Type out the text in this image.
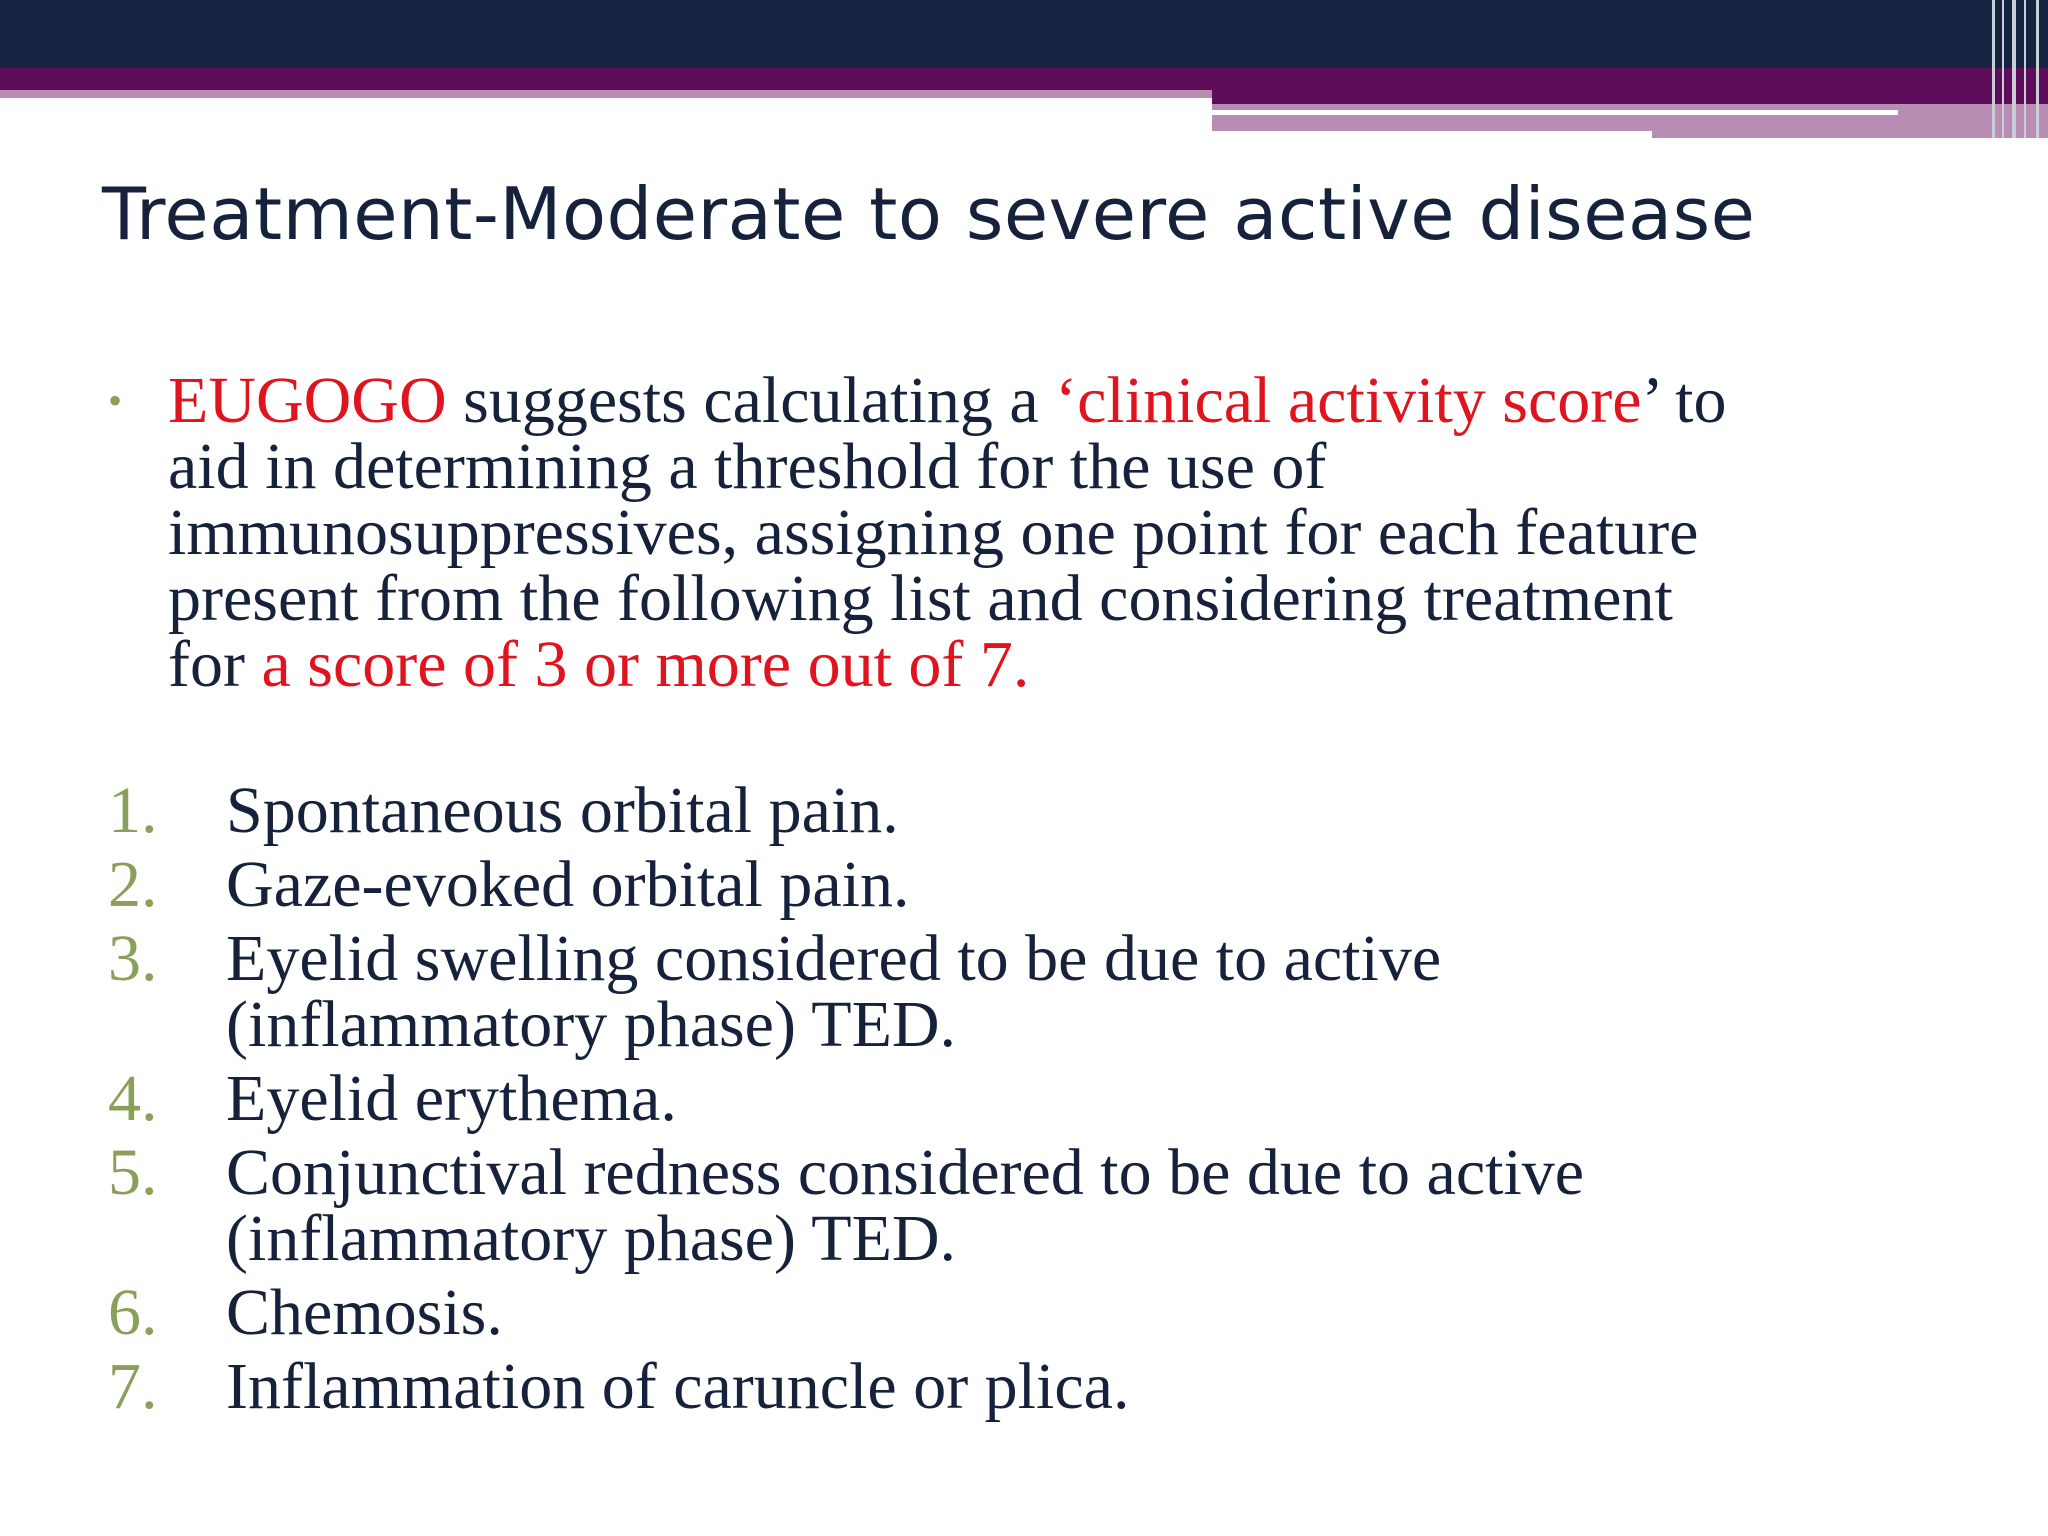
Treatment-Moderate to severe active disease
• EUGOGO suggests calculating a ‘clinical activity score’ to
aid in determining a threshold for the use of
immunosuppressives, assigning one point for each feature
present from the following list and considering treatment
for a score of 3 or more out of 7.
1. Spontaneous orbital pain.
2. Gaze-evoked orbital pain.
3. Eyelid swelling considered to be due to active
(inflammatory phase) TED.
4. Eyelid erythema.
5. Conjunctival redness considered to be due to active
(inflammatory phase) TED.
6. Chemosis.
7. Inflammation of caruncle or plica.
